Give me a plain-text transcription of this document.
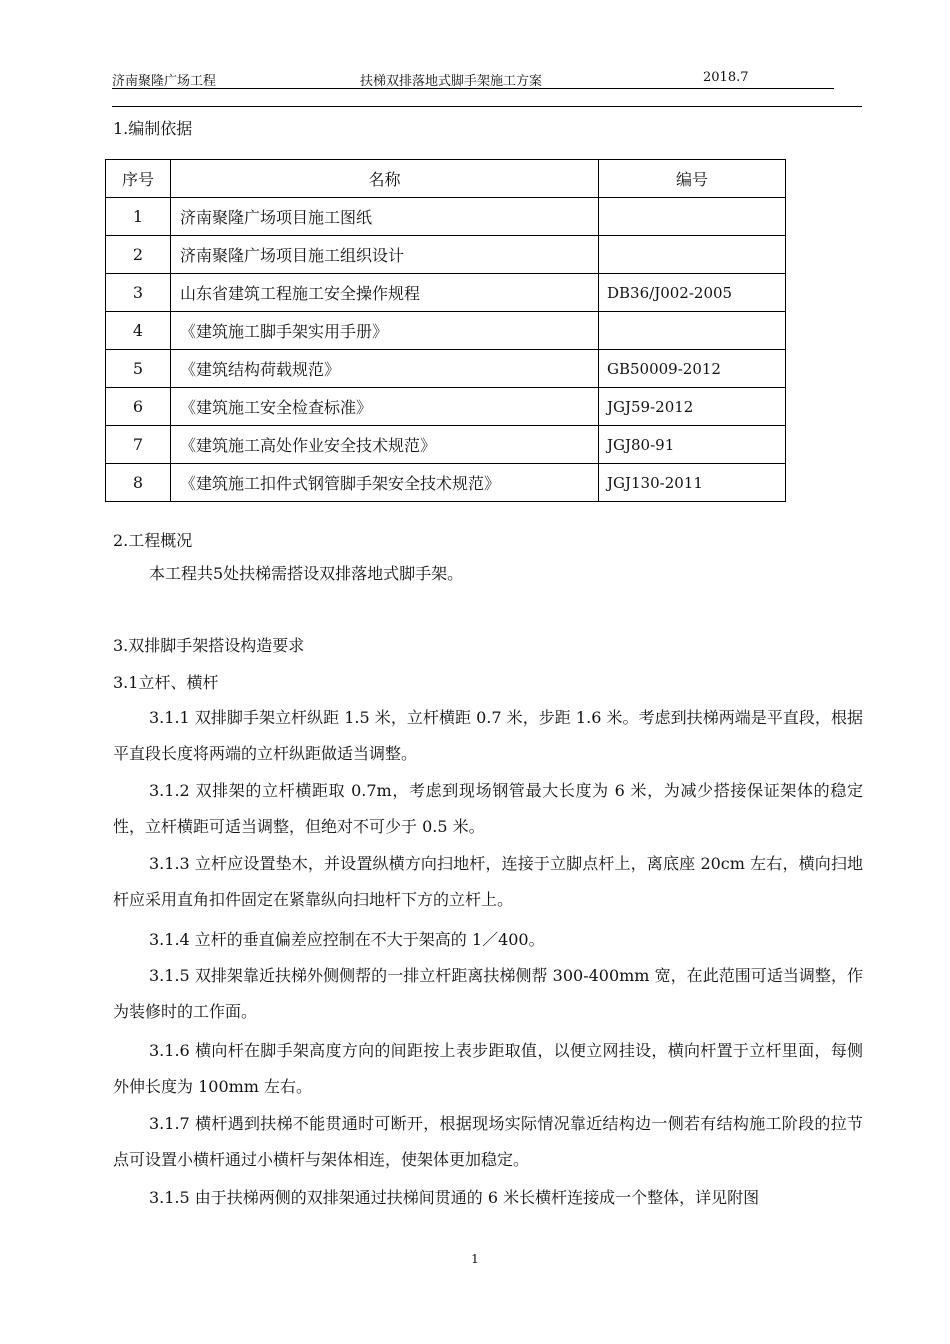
济南聚隆广场工程	扶梯双排落地式脚手架施工方案	2018.7
1.编制依据
序号	名称	编号
1	济南聚隆广场项目施工图纸	
2	济南聚隆广场项目施工组织设计	
3	山东省建筑工程施工安全操作规程	DB36/J002-2005
4	《建筑施工脚手架实用手册》	
5	《建筑结构荷载规范》	GB50009-2012
6	《建筑施工安全检查标准》	JGJ59-2012
7	《建筑施工高处作业安全技术规范》	JGJ80-91
8	《建筑施工扣件式钢管脚手架安全技术规范》	JGJ130-2011
2.工程概况
本工程共5处扶梯需搭设双排落地式脚手架。
3.双排脚手架搭设构造要求
3.1立杆、横杆

3.1.1 双排脚手架立杆纵距 1.5 米，立杆横距 0.7 米，步距 1.6 米。考虑到扶梯两端是平直段，根据平直段长度将两端的立杆纵距做适当调整。

3.1.2 双排架的立杆横距取 0.7m，考虑到现场钢管最大长度为 6 米，为减少搭接保证架体的稳定性，立杆横距可适当调整，但绝对不可少于 0.5 米。

3.1.3 立杆应设置垫木，并设置纵横方向扫地杆，连接于立脚点杆上，离底座 20cm 左右，横向扫地杆应采用直角扣件固定在紧靠纵向扫地杆下方的立杆上。

3.1.4 立杆的垂直偏差应控制在不大于架高的 1／400。

3.1.5 双排架靠近扶梯外侧侧帮的一排立杆距离扶梯侧帮 300-400mm 宽，在此范围可适当调整，作为装修时的工作面。

3.1.6 横向杆在脚手架高度方向的间距按上表步距取值，以便立网挂设，横向杆置于立杆里面，每侧外伸长度为 100mm 左右。

3.1.7 横杆遇到扶梯不能贯通时可断开，根据现场实际情况靠近结构边一侧若有结构施工阶段的拉节点可设置小横杆通过小横杆与架体相连，使架体更加稳定。

3.1.5 由于扶梯两侧的双排架通过扶梯间贯通的 6 米长横杆连接成一个整体，详见附图

1
